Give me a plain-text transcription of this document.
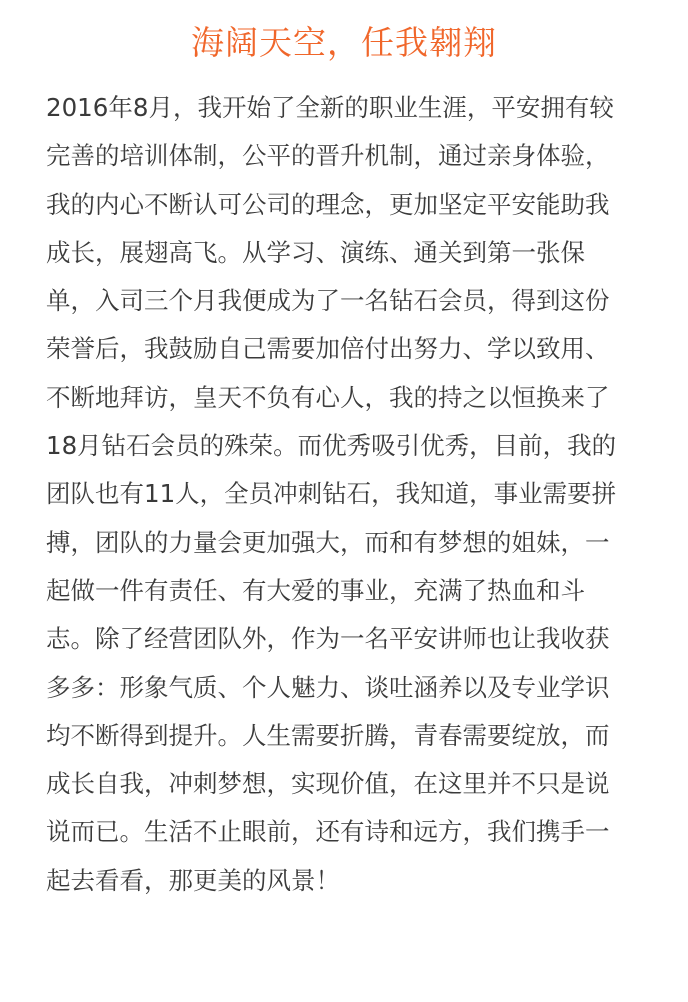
海阔天空，任我翱翔
2016年8月，我开始了全新的职业生涯，平安拥有较
完善的培训体制，公平的晋升机制，通过亲身体验，
我的内心不断认可公司的理念，更加坚定平安能助我
成长，展翅高飞。从学习、演练、通关到第一张保
单，入司三个月我便成为了一名钻石会员，得到这份
荣誉后，我鼓励自己需要加倍付出努力、学以致用、
不断地拜访，皇天不负有心人，我的持之以恒换来了
18月钻石会员的殊荣。而优秀吸引优秀，目前，我的
团队也有11人，全员冲刺钻石，我知道，事业需要拼
搏，团队的力量会更加强大，而和有梦想的姐妹，一
起做一件有责任、有大爱的事业，充满了热血和斗
志。除了经营团队外，作为一名平安讲师也让我收获
多多：形象气质、个人魅力、谈吐涵养以及专业学识
均不断得到提升。人生需要折腾，青春需要绽放，而
成长自我，冲刺梦想，实现价值，在这里并不只是说
说而已。生活不止眼前，还有诗和远方，我们携手一
起去看看，那更美的风景！
